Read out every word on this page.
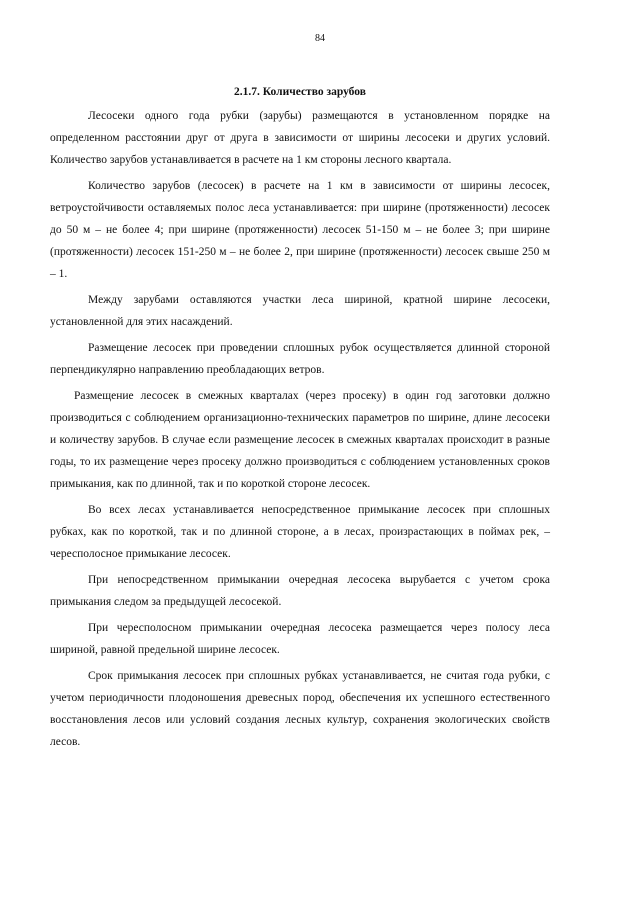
84
2.1.7. Количество зарубов

Лесосеки одного года рубки (зарубы) размещаются в установленном порядке на определенном расстоянии друг от друга в зависимости от ширины лесосеки и других условий. Количество зарубов устанавливается в расчете на 1 км стороны лесного квартала.

Количество зарубов (лесосек) в расчете на 1 км в зависимости от ширины лесосек, ветроустойчивости оставляемых полос леса устанавливается: при ширине (протяженности) лесосек до 50 м – не более 4; при ширине (протяженности) лесосек 51-150 м – не более 3; при ширине (протяженности) лесосек 151-250 м – не более 2, при ширине (протяженности) лесосек свыше 250 м – 1.

Между зарубами оставляются участки леса шириной, кратной ширине лесосеки, установленной для этих насаждений.

Размещение лесосек при проведении сплошных рубок осуществляется длинной стороной перпендикулярно направлению преобладающих ветров.

Размещение лесосек в смежных кварталах (через просеку) в один год заготовки должно производиться с соблюдением организационно-технических параметров по ширине, длине лесосеки и количеству зарубов. В случае если размещение лесосек в смежных кварталах происходит в разные годы, то их размещение через просеку должно производиться с соблюдением установленных сроков примыкания, как по длинной, так и по короткой стороне лесосек.

Во всех лесах устанавливается непосредственное примыкание лесосек при сплошных рубках, как по короткой, так и по длинной стороне, а в лесах, произрастающих в поймах рек, – чересполосное примыкание лесосек.

При непосредственном примыкании очередная лесосека вырубается с учетом срока примыкания следом за предыдущей лесосекой.

При чересполосном примыкании очередная лесосека размещается через полосу леса шириной, равной предельной ширине лесосек.

Срок примыкания лесосек при сплошных рубках устанавливается, не считая года рубки, с учетом периодичности плодоношения древесных пород, обеспечения их успешного естественного восстановления лесов или условий создания лесных культур, сохранения экологических свойств лесов.
